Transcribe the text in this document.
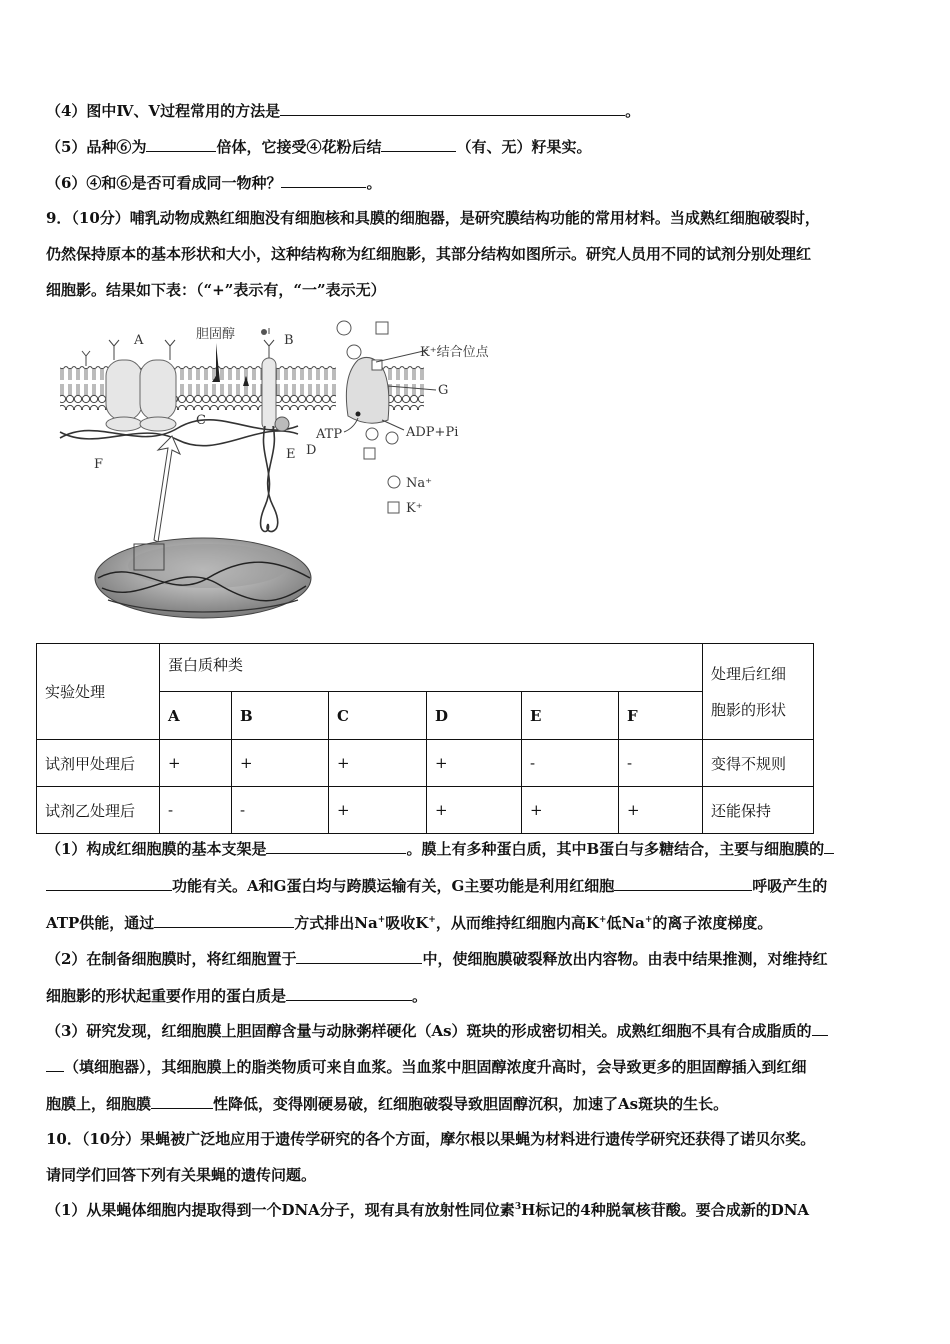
（4）图中Ⅳ、Ⅴ过程常用的方法是	。
（5）品种⑥为	倍体，它接受④花粉后结	（有、无）籽果实。
（6）④和⑥是否可看成同一物种？	。
9．（10分）哺乳动物成熟红细胞没有细胞核和具膜的细胞器，是研究膜结构功能的常用材料。当成熟红细胞破裂时，
仍然保持原本的基本形状和大小，这种结构称为红细胞影，其部分结构如图所示。研究人员用不同的试剂分别处理红
细胞影。结果如下表：（“+”表示有，“一”表示无）
A	胆固醇	B
K⁺结合位点
G
ATP	ADP+Pi
C
F
E D
Na⁺
K⁺
实验处理	蛋白质种类						处理后红细
胞影的形状

	A	B	C	D	E	F	
试剂甲处理后	+	+	+	+	-	-	变得不规则
试剂乙处理后	-	-	+	+	+	+	还能保持
（1）构成红细胞膜的基本支架是	。膜上有多种蛋白质，其中B蛋白与多糖结合，主要与细胞膜的
功能有关。A和G蛋白均与跨膜运输有关，G主要功能是利用红细胞	呼吸产生的
ATP供能，通过	方式排出Na+吸收K+，从而维持红细胞内高K+低Na+的离子浓度梯度。
（2）在制备细胞膜时，将红细胞置于	中，使细胞膜破裂释放出内容物。由表中结果推测，对维持红
细胞影的形状起重要作用的蛋白质是	。
（3）研究发现，红细胞膜上胆固醇含量与动脉粥样硬化（As）斑块的形成密切相关。成熟红细胞不具有合成脂质的
（填细胞器），其细胞膜上的脂类物质可来自血浆。当血浆中胆固醇浓度升高时，会导致更多的胆固醇插入到红细
胞膜上，细胞膜	性降低，变得刚硬易破，红细胞破裂导致胆固醇沉积，加速了As斑块的生长。
10．（10分）果蝇被广泛地应用于遗传学研究的各个方面，摩尔根以果蝇为材料进行遗传学研究还获得了诺贝尔奖。
请同学们回答下列有关果蝇的遗传问题。
（1）从果蝇体细胞内提取得到一个DNA分子，现有具有放射性同位素$^3$H标记的4种脱氧核苷酸。要合成新的DNA
